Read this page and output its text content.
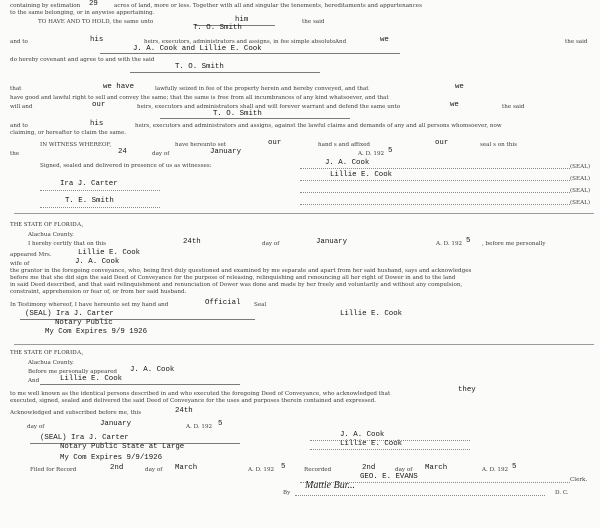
containing by estimation 29	acres of land, more or less. Together with all and singular the tenements, hereditaments and appurtenances
to the same belonging, or in anywise appertaining.
TO HAVE AND TO HOLD, the same unto	him	the said
T. O. Smith
and to	his	heirs, executors, administrators and assigns, in fee simple absolute.
And	we	the said
J. A. Cook and Lillie E. Cook
do hereby covenant and agree to and with the said
T. O. Smith
that	we have	lawfully seized in fee of the property herein and hereby conveyed, and that	we
have good and lawful right to sell and convey the same; that the same is free from all incumbrances of any kind whatsoever, and that
will and	our	heirs, executors and administrators shall and will forever warrant and defend the same unto	we	the said
T. O. Smith
and to	his	heirs, executors and administrators and assigns, against the lawful claims and demands of any and all persons whomsoever, now
claiming, or hereafter to claim the same.
IN WITNESS WHEREOF,	have hereunto set	our	hand s and affixed	our	seal s on this
the	24	day of	January	A. D. 192 5
Signed, sealed and delivered in presence of us as witnesses:	J. A. Cook	(SEAL)
Lillie E. Cook	(SEAL)
Ira J. Carter
(SEAL)
T. E. Smith	(SEAL)
THE STATE OF FLORIDA,
Alachua County.
I hereby certify that on this	24th	day of	January	A. D. 192 5 , before me personally
appeared Mrs.	Lillie E. Cook
wife of	J. A. Cook
the grantor in the foregoing conveyance, who, being first duly questioned and examined by me separate and apart from her said husband, says and acknowledges
before me that she did sign the said Deed of Conveyance for the purpose of releasing, relinquishing and renouncing all her right of Dower in and to the land
in said Deed described, and that said relinquishment and renunciation of Dower was done and made by her freely and voluntarily and without any compulsion,
constraint, apprehension or fear of, or from her said husband.
In Testimony whereof, I have hereunto set my hand and	Official Seal
(SEAL) Ira J. Carter	Lillie E. Cook
Notary Public
My Com Expires 9/9 1926
THE STATE OF FLORIDA,
Alachua County.
Before me personally appeared J. A. Cook
And	Lillie E. Cook
to me well known as the identical persons described in and who executed the foregoing Deed of Conveyance, who acknowledged that	they
executed, signed, sealed and delivered the said Deed of Conveyance for the uses and purposes therein contained and expressed.
Acknowledged and subscribed before me, this	24th
day of	January	A. D. 192 5
J. A. Cook
Lillie E. Cook
(SEAL) Ira J. Carter
Notary Public State at Large
My Com Expires 9/9/1926
Filed for Record	2nd	day of March	A. D. 192 5	Recorded	2nd	day of March	A. D. 192 5
GEO. E. EVANS	Clerk.
By
Mattie Bur...
D. C.
